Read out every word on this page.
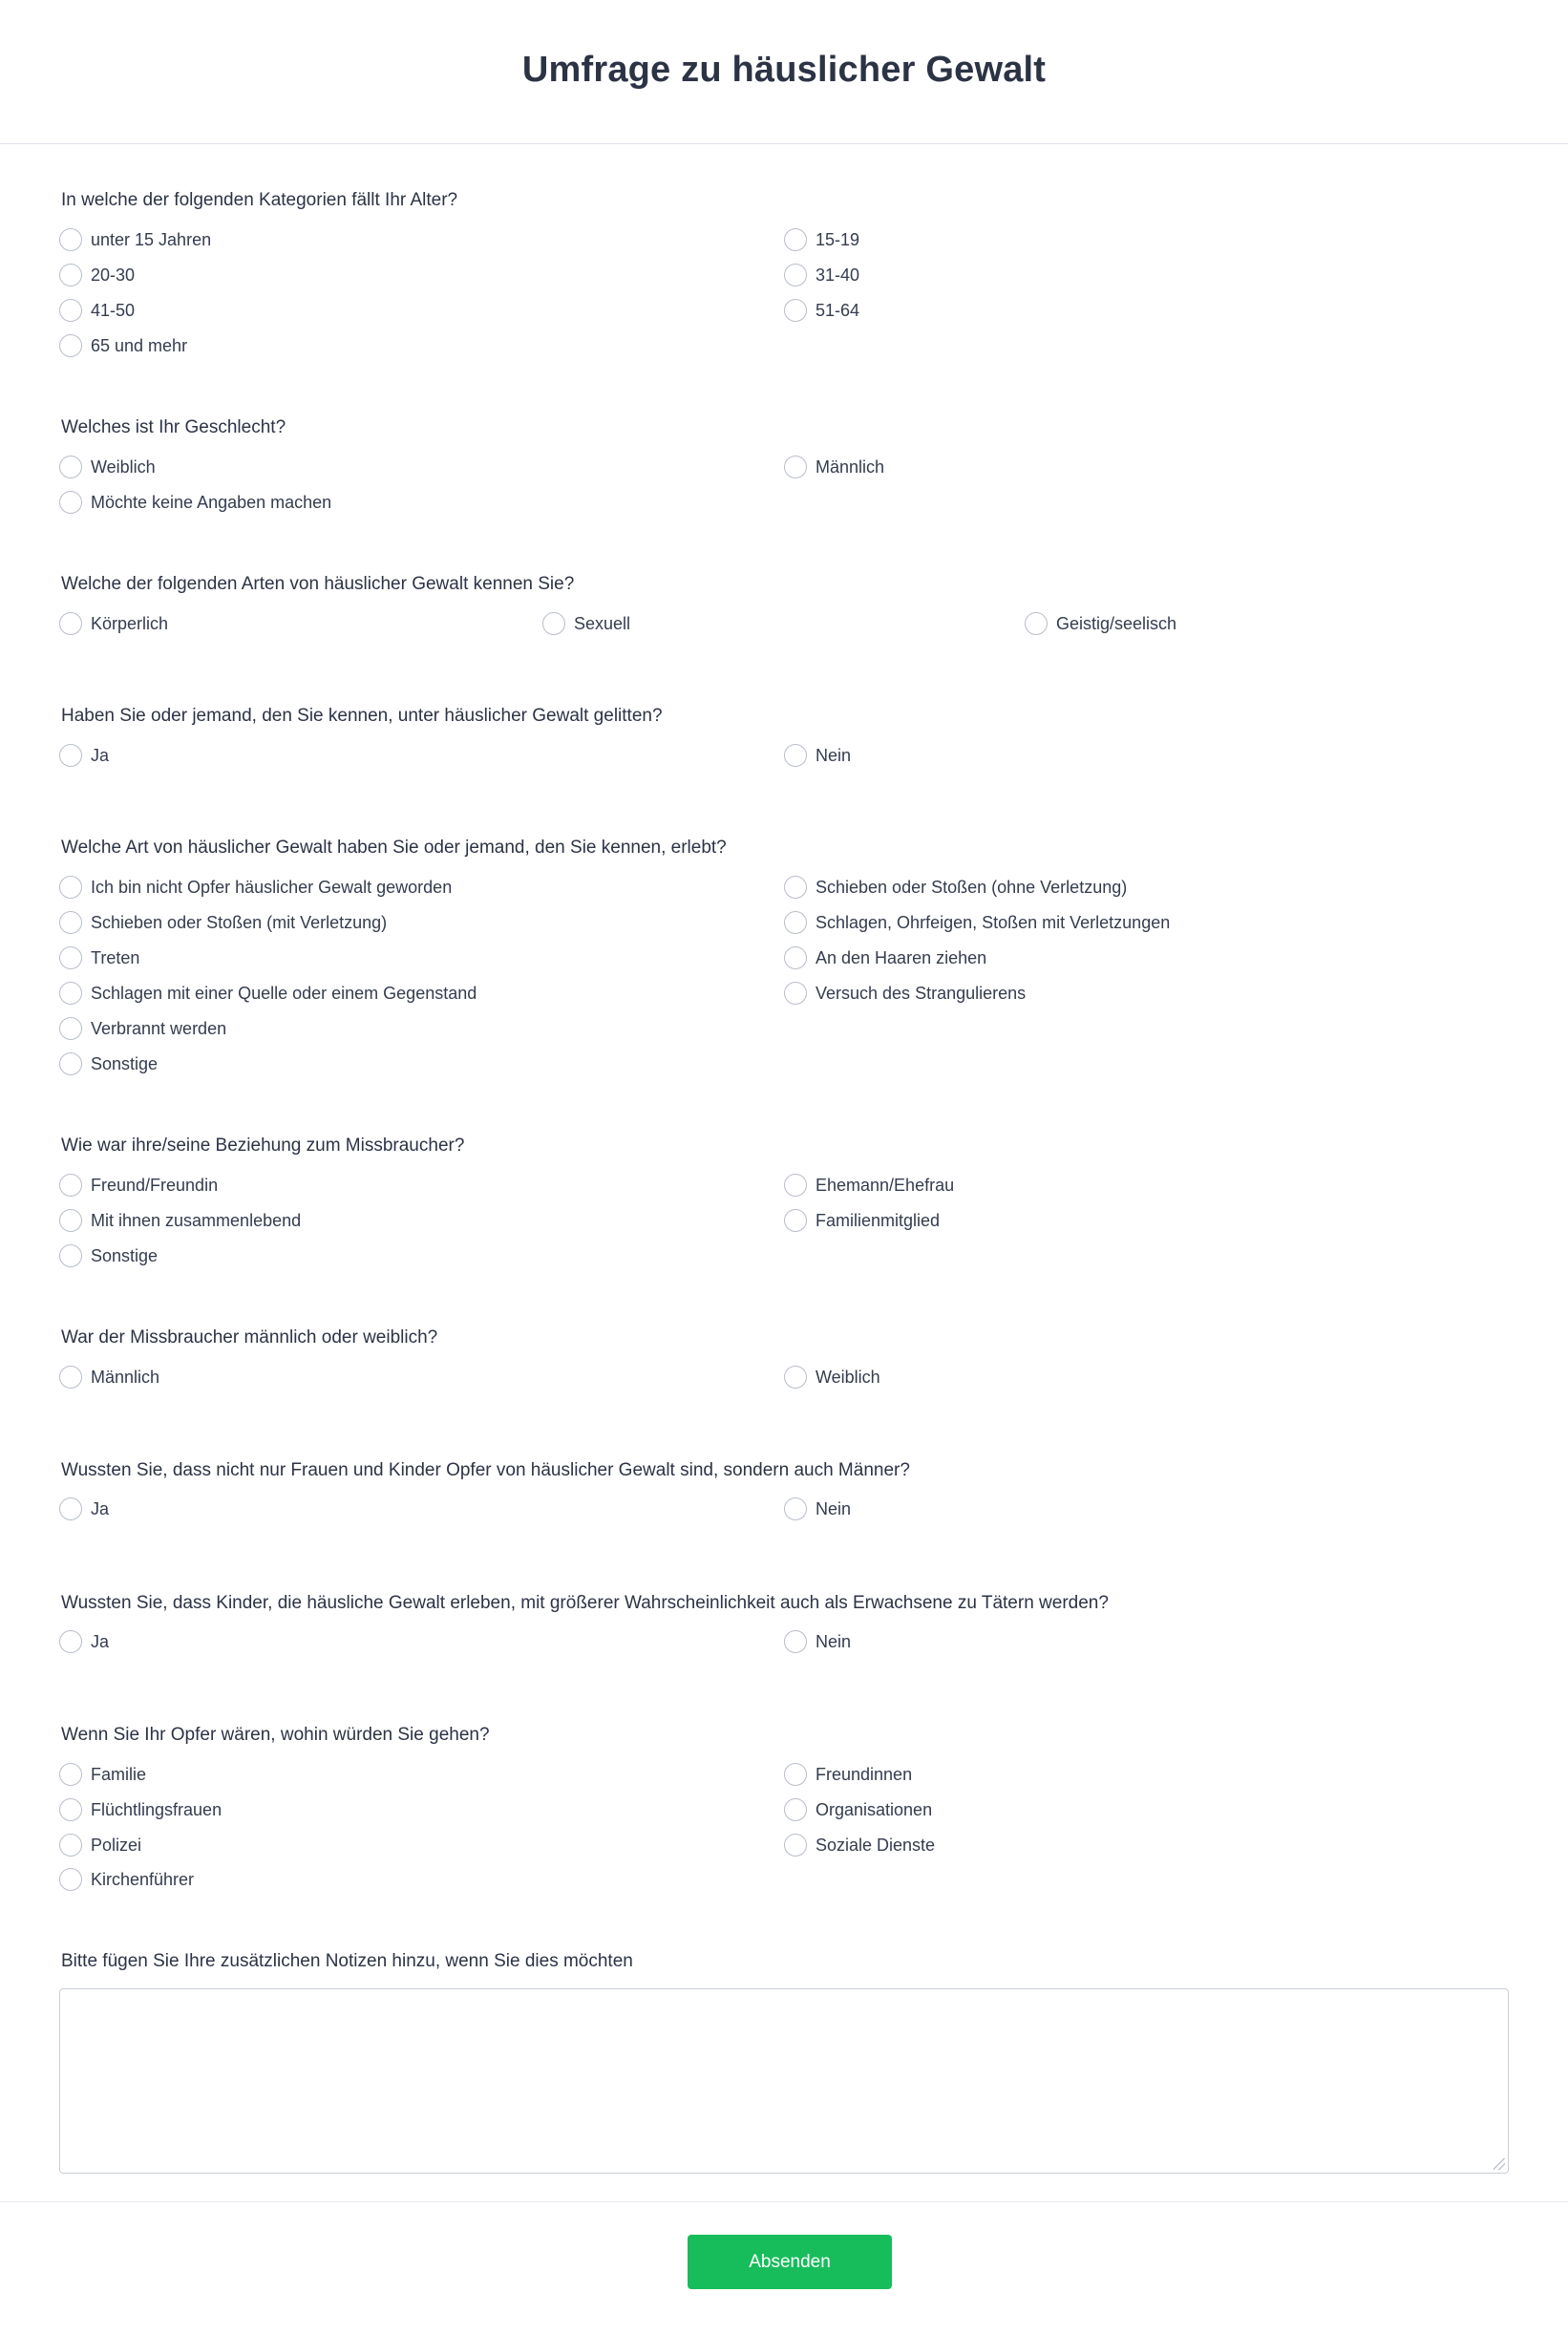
Umfrage zu häuslicher Gewalt
In welche der folgenden Kategorien fällt Ihr Alter?
unter 15 Jahren	15-19
20-30	31-40
41-50	51-64
65 und mehr
Welches ist Ihr Geschlecht?
Weiblich	Männlich
Möchte keine Angaben machen
Welche der folgenden Arten von häuslicher Gewalt kennen Sie?
Körperlich	Sexuell	Geistig/seelisch
Haben Sie oder jemand, den Sie kennen, unter häuslicher Gewalt gelitten?
Ja	Nein
Welche Art von häuslicher Gewalt haben Sie oder jemand, den Sie kennen, erlebt?
Ich bin nicht Opfer häuslicher Gewalt geworden	Schieben oder Stoßen (ohne Verletzung)
Schieben oder Stoßen (mit Verletzung)	Schlagen, Ohrfeigen, Stoßen mit Verletzungen
Treten	An den Haaren ziehen
Schlagen mit einer Quelle oder einem Gegenstand	Versuch des Strangulierens
Verbrannt werden
Sonstige
Wie war ihre/seine Beziehung zum Missbraucher?
Freund/Freundin	Ehemann/Ehefrau
Mit ihnen zusammenlebend	Familienmitglied
Sonstige
War der Missbraucher männlich oder weiblich?
Männlich	Weiblich
Wussten Sie, dass nicht nur Frauen und Kinder Opfer von häuslicher Gewalt sind, sondern auch Männer?
Ja	Nein
Wussten Sie, dass Kinder, die häusliche Gewalt erleben, mit größerer Wahrscheinlichkeit auch als Erwachsene zu Tätern werden?
Ja	Nein
Wenn Sie Ihr Opfer wären, wohin würden Sie gehen?
Familie	Freundinnen
Flüchtlingsfrauen	Organisationen
Polizei	Soziale Dienste
Kirchenführer
Bitte fügen Sie Ihre zusätzlichen Notizen hinzu, wenn Sie dies möchten
Absenden
